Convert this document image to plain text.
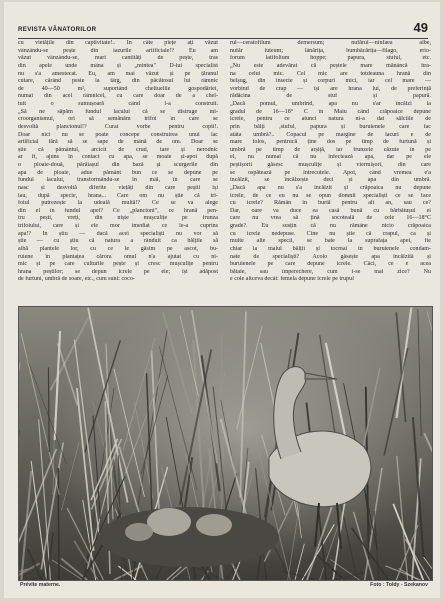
REVISTA VÂNATORILOR	49
cu vietățile din captivitate!.. În câte piețe ați văzut
vânzându-se pește din iazurile artificiale!? Eu am
văzut vânzându-se, mari cantități de pește, tras
din apele unde mâna și „mintea" D-lui specialist
nu s'a amestecat. Eu, am mai văzut și pe țăranul
cutare, cărând peste la târg, din păcătosul lui râmnic
de 40—50 m², suportând cheltuelile gospodăriei,
numai din acel râmnicel, cu care doar de a chel-
tuit o sumușoară când l-a construit.
„Să ne săpăm fundul lacului că se distruge mi-
croorganismul, ori să semănăm trifoi în care se
desvoltă planctonul!? Curat vorbe pentru copii!.
Doar nici nu se poate concepe construirea unui lac
artificial fără să se sape de mână de om. Doar se
știe că pământul, arcicit de crud, tare și nerodnic
ar fi, ajuns în contact cu apa, se moaie și-apoi după
o ploaie-două, părăiașul din bază și scurgerile din
apa de ploaie, adue pământ bun ce se depune pe
fundul lacului, transformându-se în mâl, în care se
nasc și desvoltă diferite viețăți din care peștii își
iau, după specie, hrana... Care om nu știe că tri-
foiul putrezește la udeală multă!? Ce se va alege
din el în fundul apei? Ce „planctoni", ce hrană pen-
tru pești, vreți, din niște mușculițe pe frunza
trifoiului, care și ele mor imediat ce le-a cuprins
apa!? În știu — dacă acei specialiști nu vor să
știe — cu știu că natura a rânduit ca bălțile să
aibă plantele lor, cu ce le găsim pe ascot, bu-
ruiene în plantațea cărora omul n'a ajutat cu ni-
mic și pe care culturile pește și cresc mușculițe pentru
hrana peștilor; se depun icrele pe ele; își adăpost
de furtuni, umbră de soare, etc., cum sunt: coco-
rul—ceratofilum demersum; nufărul—ninfaea albe,
nufăr luteum; lânărița, bumbăcărița—filago, erio-
forum latifolium hoppe; papura, stuful, etc.
„Nu este adevărat că peștele mare mănâncă hra-
na celui mic. Cel mic are totdeauna hrană din
belșug, din insecte și corpuri mici, iar cel mare —
vorbind de crap — își are hrana lui, de preferință
rădăcina de stuf și papură.
„Dacă pomul, umbrind, apa nu s'ar încălzi la
gradul de 16—18° C în Maiu când crăpoaice depune
icrele, pentru ce atunci natura ni-a dat sălciile de
prin bălți ,stuful, papura și buruienele care fac
atâta umbră?.. Copacul pe margine de lacuri e de
mare folos, pentrucă ține dos pe timp de furtună și
umbră pe timp de arșiță, iar frunzele căzute în pe
el, nu numai că nu infectează apa, dar pe ele
peștișorii găsesc mușculițe și viermișori, din care
se ospătează pe întrecutele. Apoi, când vremea e'a
încălzit, se încălzește deci și apa din umbră.
„Dacă apa nu s'a încălzit și crăpoaica nu depune
icrele, de ce eu nu se opun domnii specialiști ce se face
cu icrele? Rămân în burtă pentru alt an, sau ce?
Dar, oare va duce ea casă bună cu bărbătușul ei
care nu vrea să țină socoteală de cele 16—18°C
grade?. Eu susțin că nu rămâne nicio crăpoaica
cu icrele nedepuse. Cine nu știe că crapul, ca și
multe alte specii, se bate la suprafața apei, fie
chiar la malul bălții și tocmai în buruienele condam-
nate de specialiști? Acolo găsește apa încălzită și
buruienele pe care depune icrele. Căci, ce e acea
bătaie, sau împerechere, cum i-se mai zice? Nu
e cole altceva decât: femela depune icrele pe trupul
Prévite materne.	Foto : Toldy - Szekanov
